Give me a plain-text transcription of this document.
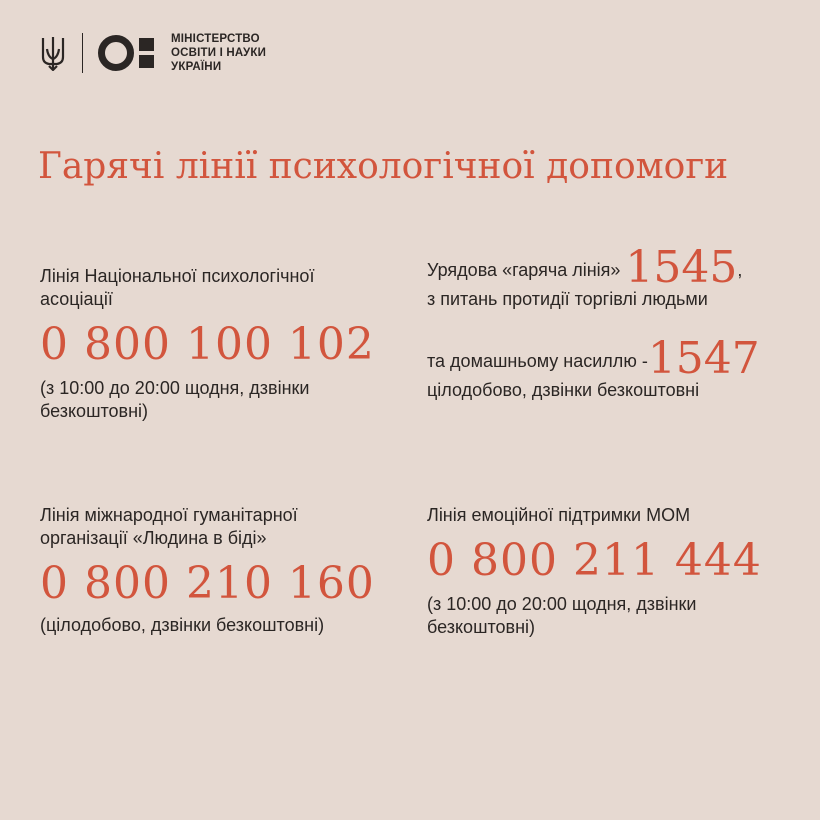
МІНІСТЕРСТВО
ОСВІТИ І НАУКИ
УКРАЇНИ
Гарячі лінії психологічної допомоги
Лінія Національної психологічної асоціації
0 800 100 102
(з 10:00 до 20:00 щодня, дзвінки безкоштовні)
Урядова «гаряча лінія» 1545,
з питань протидії торгівлі людьми
та домашньому насиллю -1547
цілодобово, дзвінки безкоштовні
Лінія міжнародної гуманітарної організації «Людина в біді»
0 800 210 160
(цілодобово, дзвінки безкоштовні)
Лінія емоційної підтримки МОМ
0 800 211 444
(з 10:00 до 20:00 щодня, дзвінки безкоштовні)
